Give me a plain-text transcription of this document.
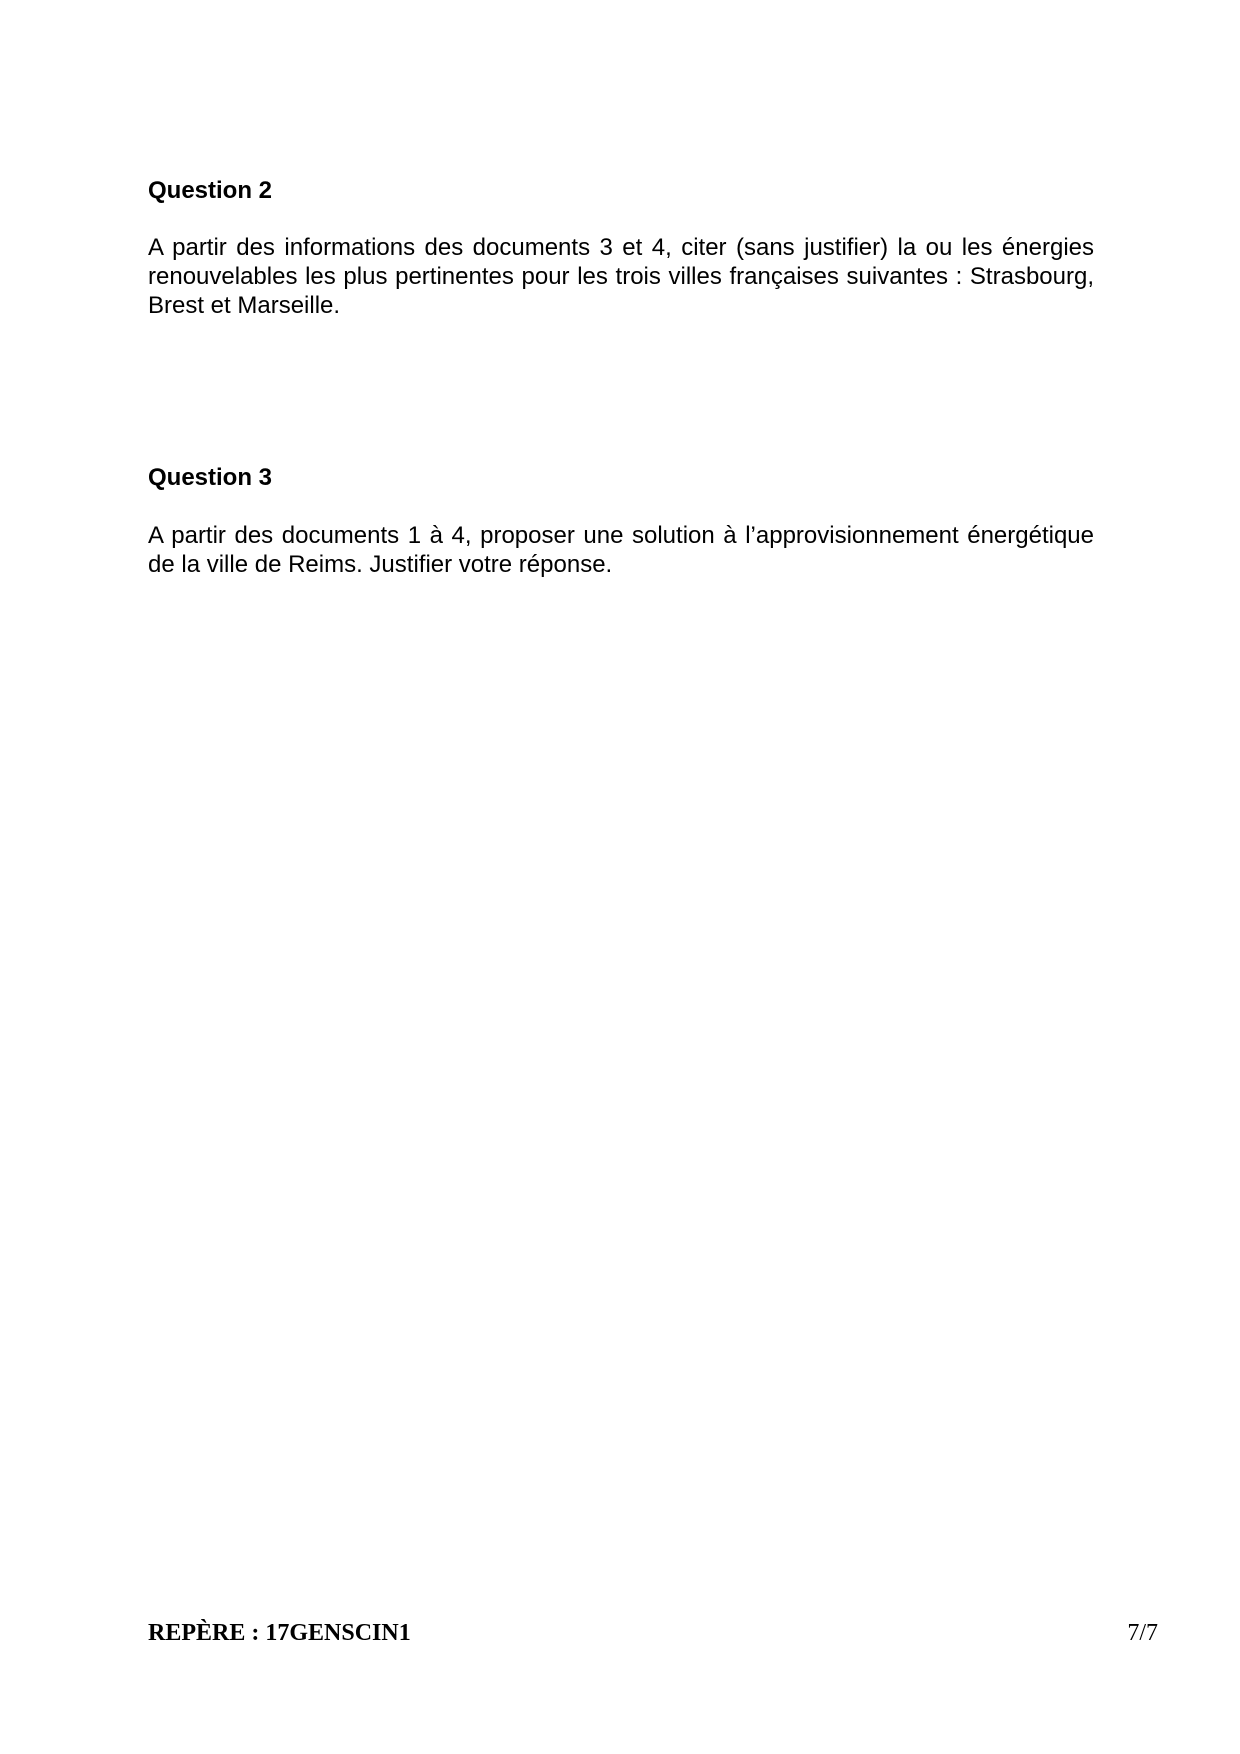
Question 2

A partir des informations des documents 3 et 4, citer (sans justifier) la ou les énergies renouvelables les plus pertinentes pour les trois villes françaises suivantes : Strasbourg, Brest et Marseille.

Question 3

A partir des documents 1 à 4, proposer une solution à l’approvisionnement énergétique de la ville de Reims. Justifier votre réponse.

REPÈRE : 17GENSCIN1	7/7
